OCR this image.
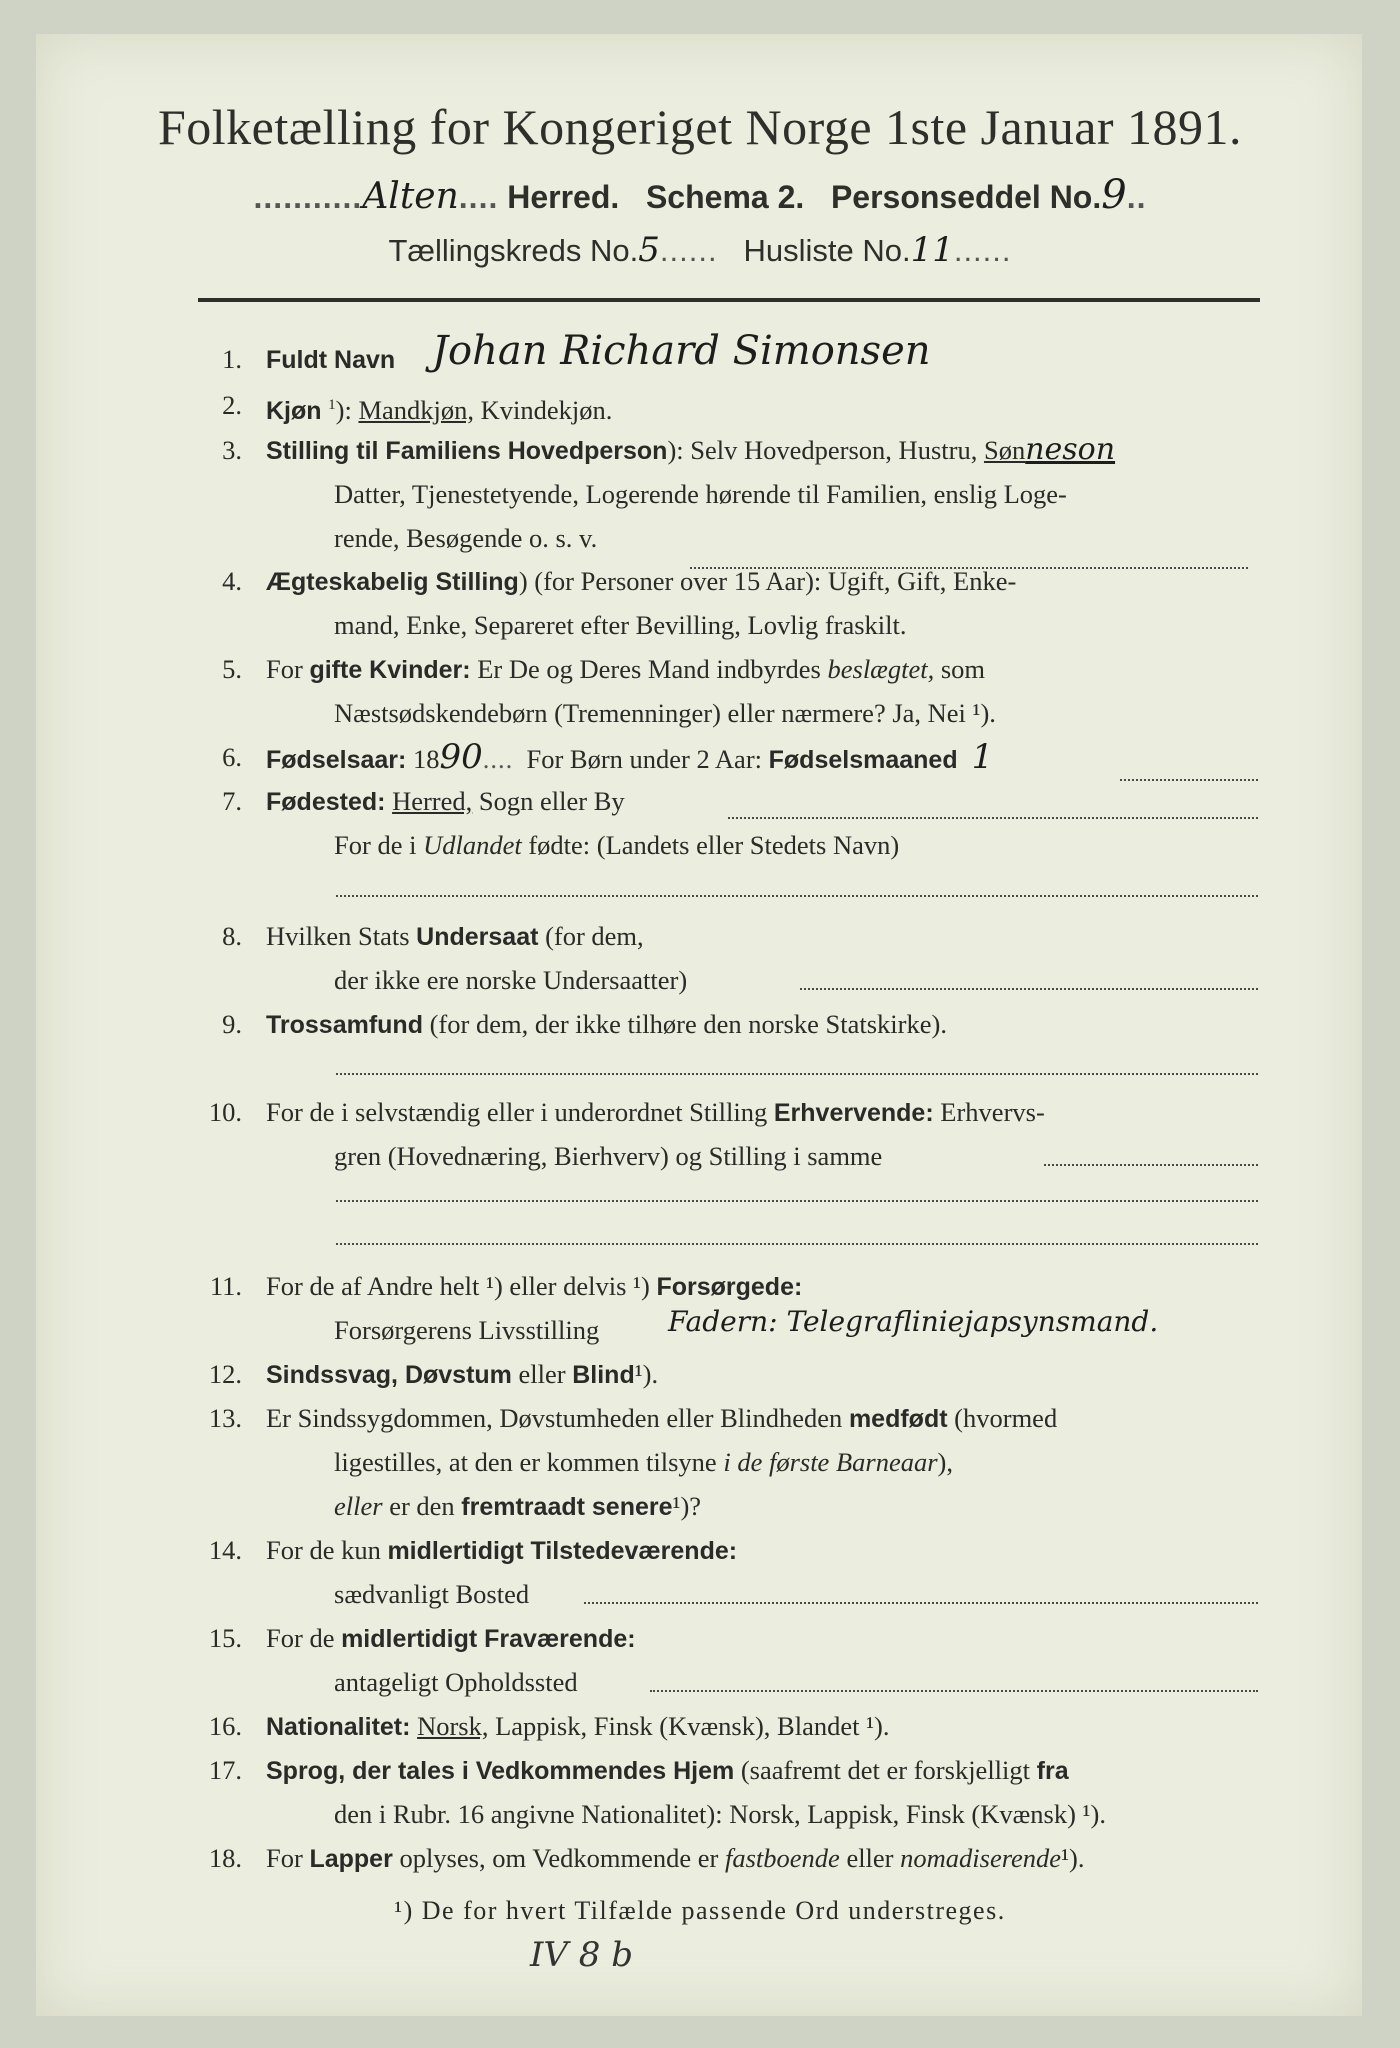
Folketælling for Kongeriget Norge 1ste Januar 1891.
...........Alten.... Herred. Schema 2. Personseddel No.9..
Tællingskreds No.5...... Husliste No.11......
1. Fuldt Navn Johan Richard Simonsen
2. Kjøn $^1$): Mandkjøn, Kvindekjøn.
3. Stilling til Familiens Hovedperson): Selv Hovedperson, Hustru, Sønneson
Datter, Tjenestetyende, Logerende hørende til Familien, enslig Loge-
rende, Besøgende o. s. v.
4. Ægteskabelig Stilling) (for Personer over 15 Aar): Ugift, Gift, Enke-
mand, Enke, Separeret efter Bevilling, Lovlig fraskilt.
5. For gifte Kvinder: Er De og Deres Mand indbyrdes beslægtet, som
Næstsødskendebørn (Tremenninger) eller nærmere? Ja, Nei ¹).
6. Fødselsaar: 1890.... For Børn under 2 Aar: Fødselsmaaned 1
7. Fødested: Herred, Sogn eller By
For de i Udlandet fødte: (Landets eller Stedets Navn)
8. Hvilken Stats Undersaat (for dem,
der ikke ere norske Undersaatter)
9. Trossamfund (for dem, der ikke tilhøre den norske Statskirke).
10. For de i selvstændig eller i underordnet Stilling Erhvervende: Erhvervs-
gren (Hovednæring, Bierhverv) og Stilling i samme
11. For de af Andre helt ¹) eller delvis ¹) Forsørgede:
Forsørgerens Livsstilling Fadern: Telegrafliniejapsynsmand.
12. Sindssvag, Døvstum eller Blind¹).
13. Er Sindssygdommen, Døvstumheden eller Blindheden medfødt (hvormed
ligestilles, at den er kommen tilsyne i de første Barneaar),
eller er den fremtraadt senere¹)?
14. For de kun midlertidigt Tilstedeværende:
sædvanligt Bosted
15. For de midlertidigt Fraværende:
antageligt Opholdssted
16. Nationalitet: Norsk, Lappisk, Finsk (Kvænsk), Blandet ¹).
17. Sprog, der tales i Vedkommendes Hjem (saafremt det er forskjelligt fra
den i Rubr. 16 angivne Nationalitet): Norsk, Lappisk, Finsk (Kvænsk) ¹).
18. For Lapper oplyses, om Vedkommende er fastboende eller nomadiserende¹).
¹) De for hvert Tilfælde passende Ord understreges.
IV 8 b
